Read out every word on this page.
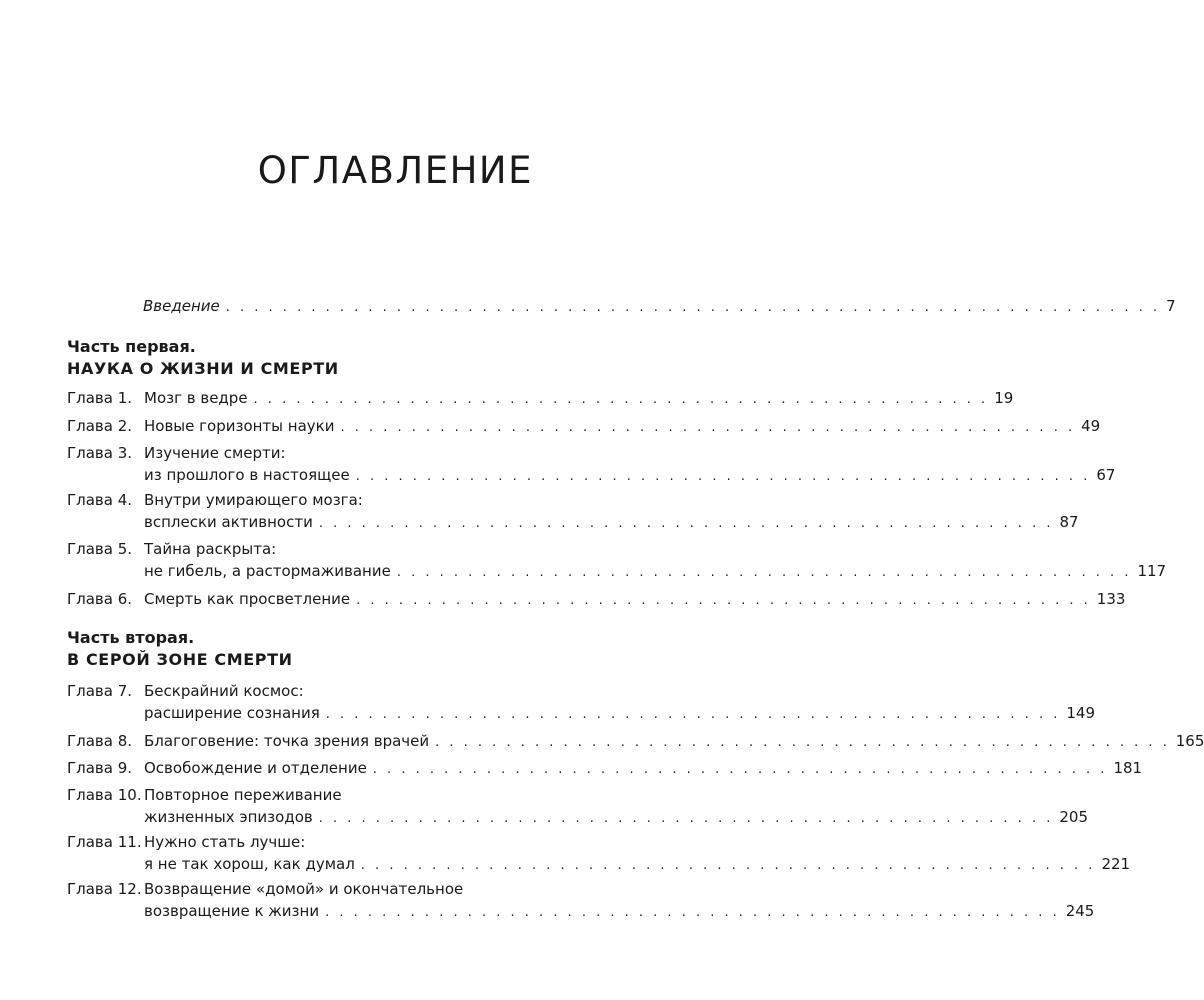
ОГЛАВЛЕНИЕ
Введение . . . . . . . . . . . . . . . . . . . . . . . . . . . . . . . . . . . . . . . . . . . . . . . . . . . . . . . . . . . . . . . . . . 7

Часть первая.

НАУКА О ЖИЗНИ И СМЕРТИ

Глава 1. Мозг в ведре . . . . . . . . . . . . . . . . . . . . . . . . . . . . . . . . . . . . . . . . . . . . . . . . . . . . 19
Глава 2. Новые горизонты науки . . . . . . . . . . . . . . . . . . . . . . . . . . . . . . . . . . . . . . . . . . . . . . . . . . . . 49
Глава 3. Изучение смерти:
из прошлого в настоящее . . . . . . . . . . . . . . . . . . . . . . . . . . . . . . . . . . . . . . . . . . . . . . . . . . . . 67
Глава 4. Внутри умирающего мозга:
всплески активности . . . . . . . . . . . . . . . . . . . . . . . . . . . . . . . . . . . . . . . . . . . . . . . . . . . . 87
Глава 5. Тайна раскрыта:
не гибель, а растормаживание . . . . . . . . . . . . . . . . . . . . . . . . . . . . . . . . . . . . . . . . . . . . . . . . . . . . 117
Глава 6. Смерть как просветление . . . . . . . . . . . . . . . . . . . . . . . . . . . . . . . . . . . . . . . . . . . . . . . . . . . . 133

Часть вторая.

В СЕРОЙ ЗОНЕ СМЕРТИ

Глава 7. Бескрайний космос:
расширение сознания . . . . . . . . . . . . . . . . . . . . . . . . . . . . . . . . . . . . . . . . . . . . . . . . . . . . 149
Глава 8. Благоговение: точка зрения врачей . . . . . . . . . . . . . . . . . . . . . . . . . . . . . . . . . . . . . . . . . . . . . . . . . . . . 165
Глава 9. Освобождение и отделение . . . . . . . . . . . . . . . . . . . . . . . . . . . . . . . . . . . . . . . . . . . . . . . . . . . . 181
Глава 10. Повторное переживание
жизненных эпизодов . . . . . . . . . . . . . . . . . . . . . . . . . . . . . . . . . . . . . . . . . . . . . . . . . . . . 205
Глава 11. Нужно стать лучше:
я не так хорош, как думал . . . . . . . . . . . . . . . . . . . . . . . . . . . . . . . . . . . . . . . . . . . . . . . . . . . . 221
Глава 12. Возвращение «домой» и окончательное
возвращение к жизни . . . . . . . . . . . . . . . . . . . . . . . . . . . . . . . . . . . . . . . . . . . . . . . . . . . . 245
